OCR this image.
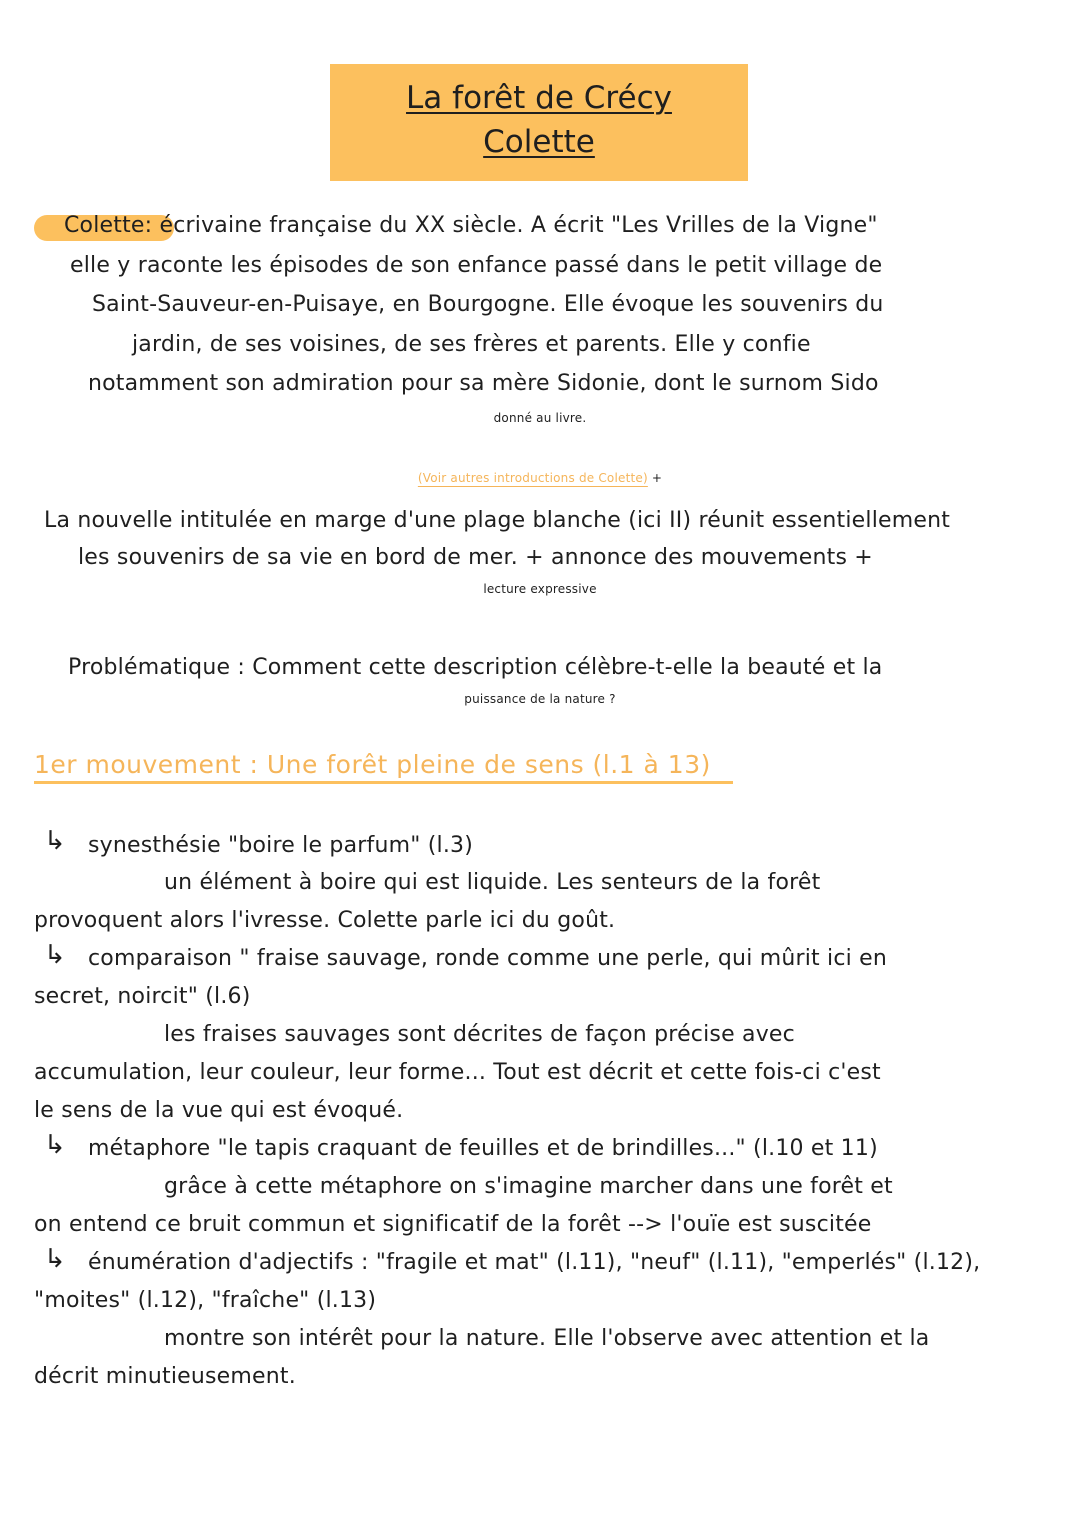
La forêt de Crécy
Colette
Colette: écrivaine française du XX siècle. A écrit "Les Vrilles de la Vigne"
elle y raconte les épisodes de son enfance passé dans le petit village de
Saint-Sauveur-en-Puisaye, en Bourgogne. Elle évoque les souvenirs du
jardin, de ses voisines, de ses frères et parents. Elle y confie
notamment son admiration pour sa mère Sidonie, dont le surnom Sido
donné au livre.
(Voir autres introductions de Colette) +
La nouvelle intitulée en marge d'une plage blanche (ici II) réunit essentiellement
les souvenirs de sa vie en bord de mer. + annonce des mouvements +
lecture expressive
Problématique : Comment cette description célèbre-t-elle la beauté et la
puissance de la nature ?
1er mouvement : Une forêt pleine de sens (l.1 à 13)
↳ synesthésie "boire le parfum" (l.3)
un élément à boire qui est liquide. Les senteurs de la forêt
provoquent alors l'ivresse. Colette parle ici du goût.
↳ comparaison " fraise sauvage, ronde comme une perle, qui mûrit ici en
secret, noircit" (l.6)
les fraises sauvages sont décrites de façon précise avec
accumulation, leur couleur, leur forme... Tout est décrit et cette fois-ci c'est
le sens de la vue qui est évoqué.
↳ métaphore "le tapis craquant de feuilles et de brindilles..." (l.10 et 11)
grâce à cette métaphore on s'imagine marcher dans une forêt et
on entend ce bruit commun et significatif de la forêt --> l'ouïe est suscitée
↳ énumération d'adjectifs : "fragile et mat" (l.11), "neuf" (l.11), "emperlés" (l.12),
"moites" (l.12), "fraîche" (l.13)
montre son intérêt pour la nature. Elle l'observe avec attention et la
décrit minutieusement.
